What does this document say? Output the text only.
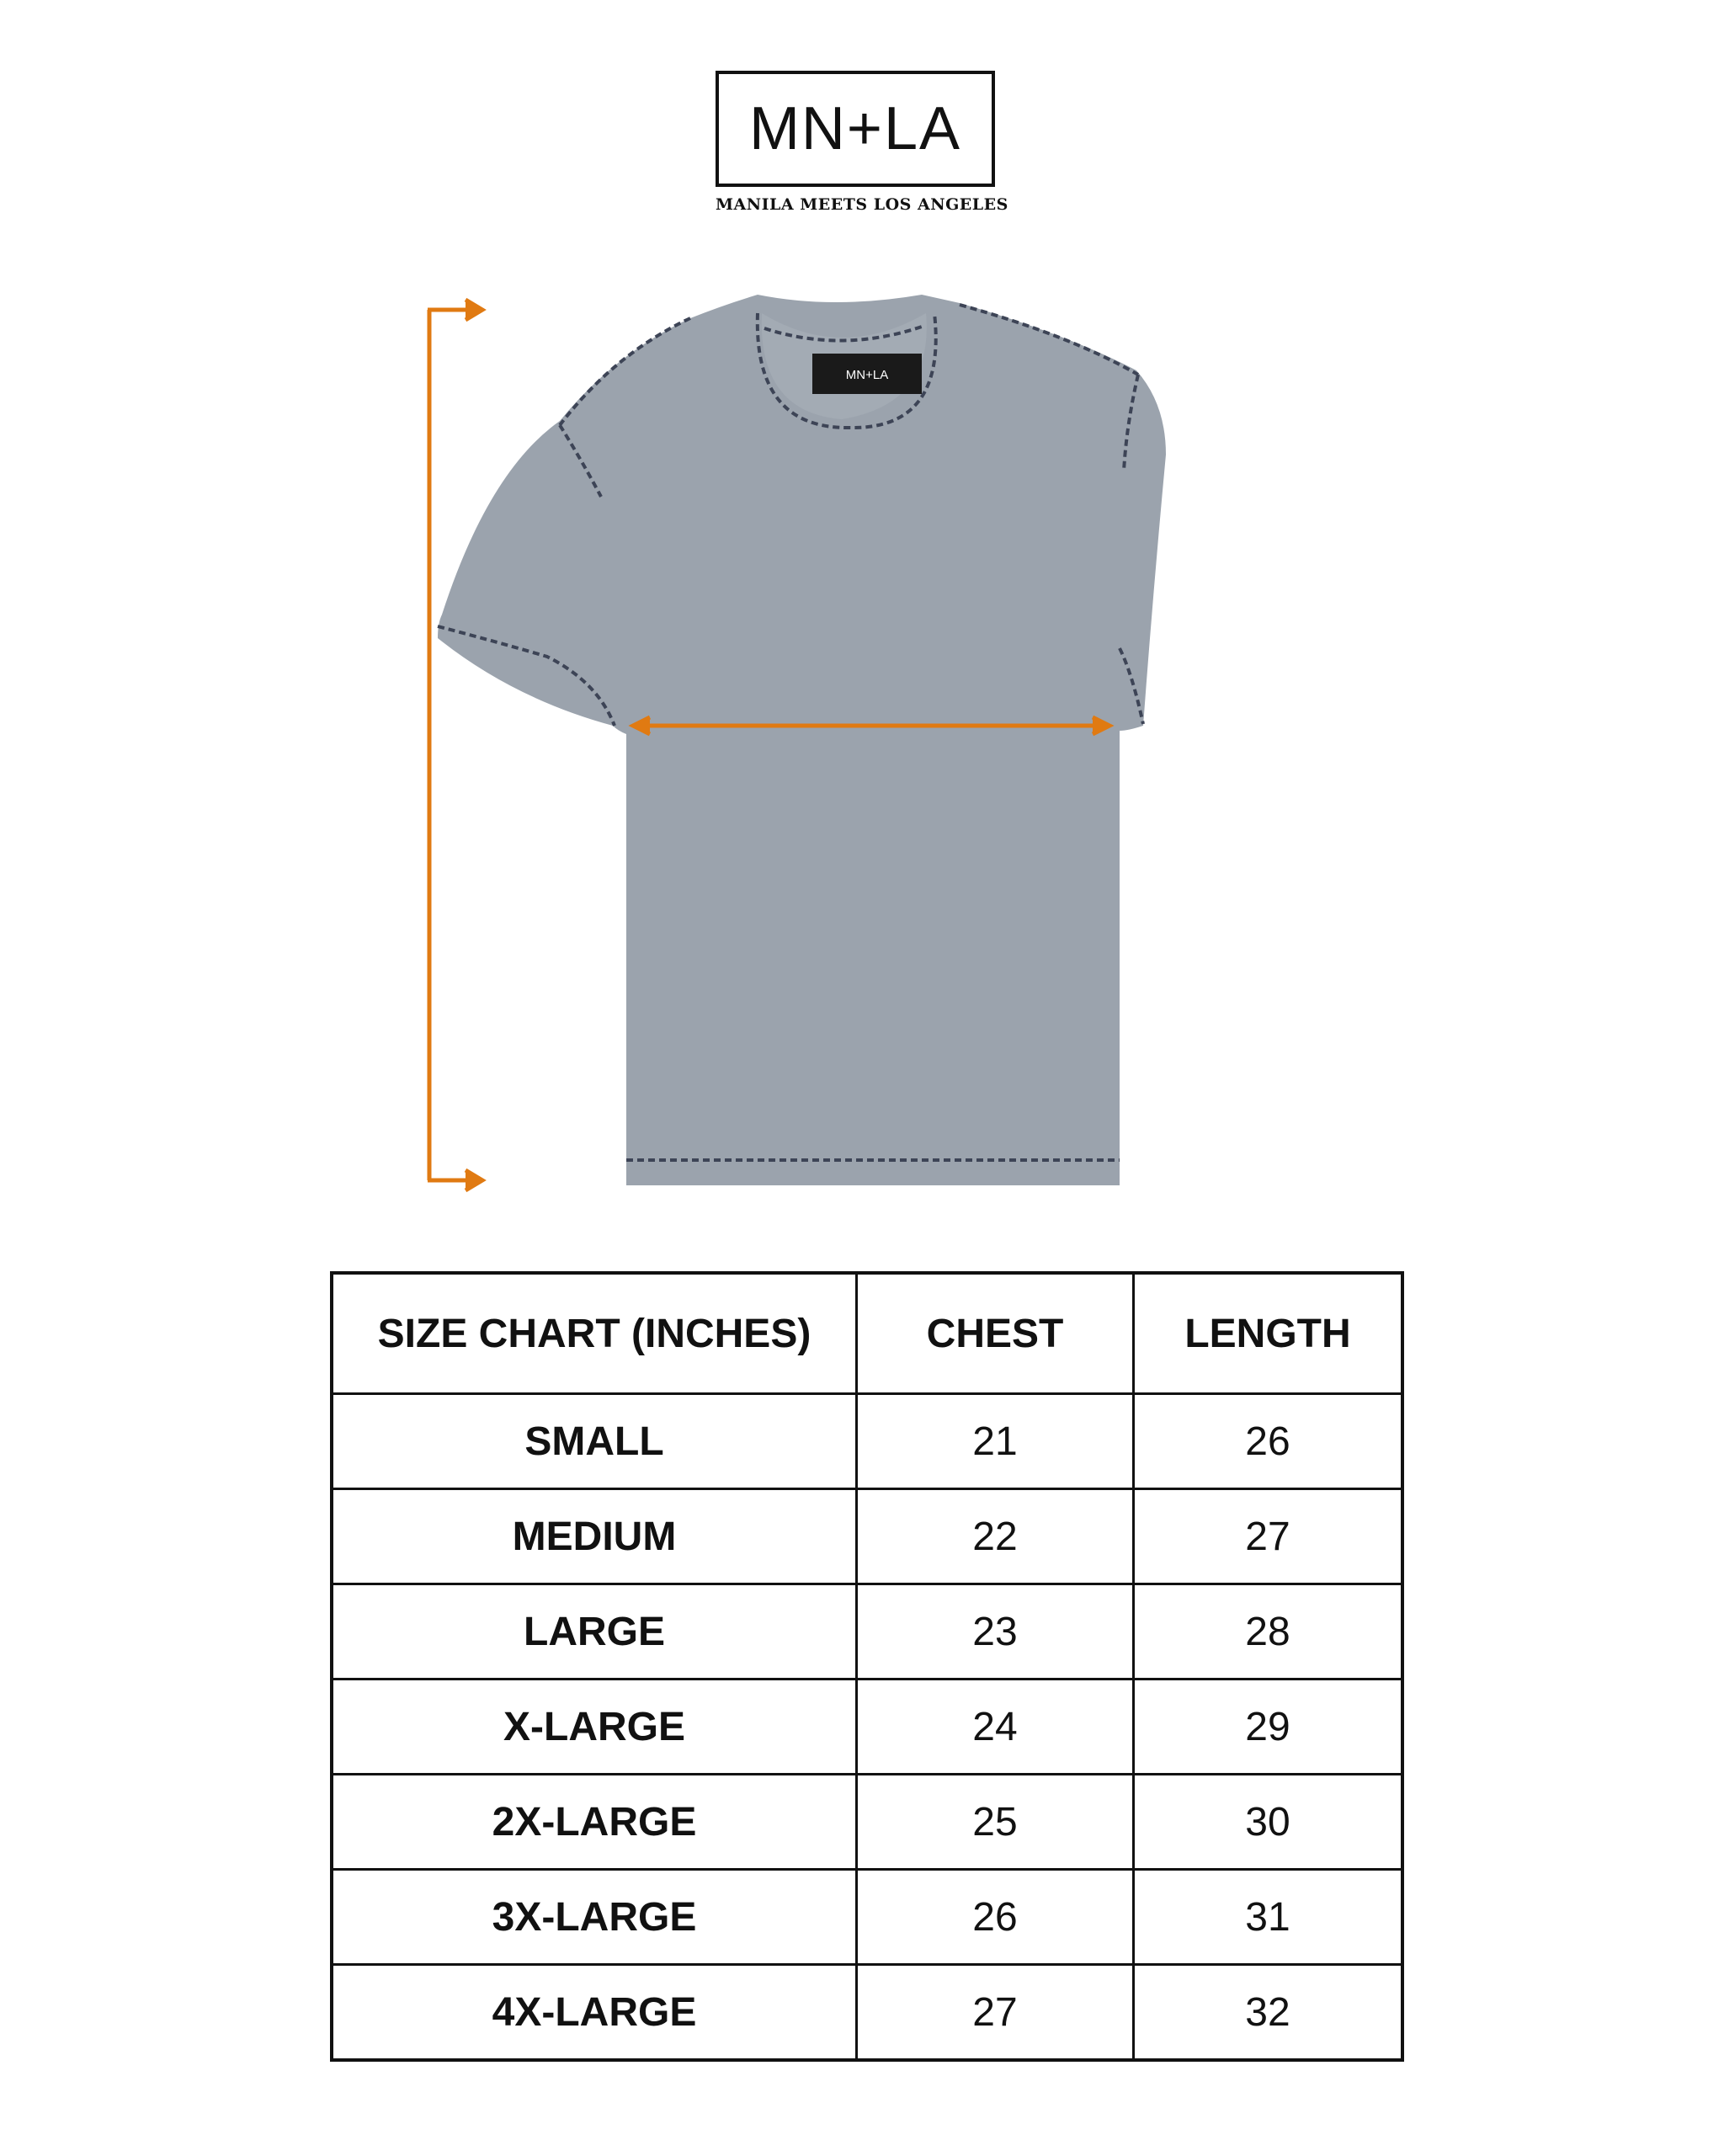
MN+LA
MANILA MEETS LOS ANGELES
MN+LA
SIZE CHART (INCHES)	CHEST	LENGTH
SMALL	21	26
MEDIUM	22	27
LARGE	23	28
X-LARGE	24	29
2X-LARGE	25	30
3X-LARGE	26	31
4X-LARGE	27	32
